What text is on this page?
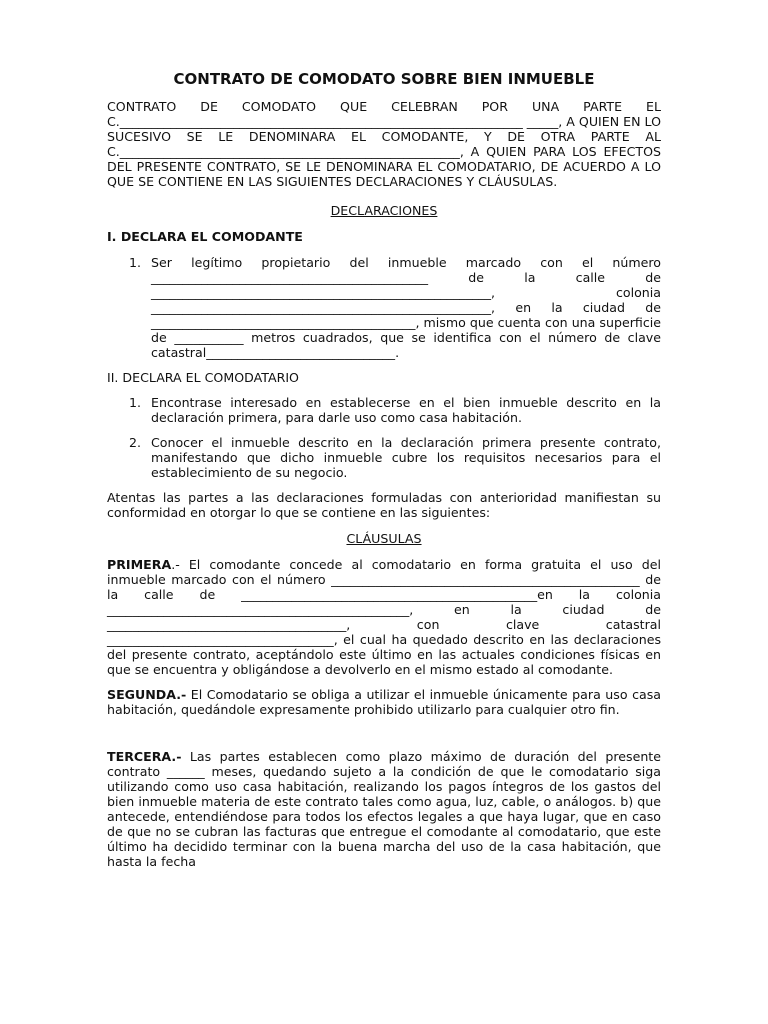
CONTRATO DE COMODATO SOBRE BIEN INMUEBLE

CONTRATO DE COMODATO QUE CELEBRAN POR UNA PARTE EL C.________________________________________________________________ _____, A QUIEN EN LO SUCESIVO SE LE DENOMINARA EL COMODANTE, Y DE OTRA PARTE AL C.______________________________________________________, A QUIEN PARA LOS EFECTOS DEL PRESENTE CONTRATO, SE LE DENOMINARA EL COMODATARIO, DE ACUERDO A LO QUE SE CONTIENE EN LAS SIGUIENTES DECLARACIONES Y CLÁUSULAS.

DECLARACIONES

I. DECLARA EL COMODANTE

1. Ser legítimo propietario del inmueble marcado con el número ____________________________________________ de la calle de ______________________________________________________, colonia ______________________________________________________, en la ciudad de __________________________________________, mismo que cuenta con una superficie de ___________ metros cuadrados, que se identifica con el número de clave catastral______________________________.

II. DECLARA EL COMODATARIO

1. Encontrase interesado en establecerse en el bien inmueble descrito en la declaración primera, para darle uso como casa habitación.
2. Conocer el inmueble descrito en la declaración primera presente contrato, manifestando que dicho inmueble cubre los requisitos necesarios para el establecimiento de su negocio.

Atentas las partes a las declaraciones formuladas con anterioridad manifiestan su conformidad en otorgar lo que se contiene en las siguientes:

CLÁUSULAS

PRIMERA.- El comodante concede al comodatario en forma gratuita el uso del inmueble marcado con el número _________________________________________________ de la calle de _______________________________________________en la colonia ________________________________________________, en la ciudad de ______________________________________, con clave catastral ____________________________________, el cual ha quedado descrito en las declaraciones del presente contrato, aceptándolo este último en las actuales condiciones físicas en que se encuentra y obligándose a devolverlo en el mismo estado al comodante.

SEGUNDA.- El Comodatario se obliga a utilizar el inmueble únicamente para uso casa habitación, quedándole expresamente prohibido utilizarlo para cualquier otro fin.

TERCERA.- Las partes establecen como plazo máximo de duración del presente contrato ______ meses, quedando sujeto a la condición de que le comodatario siga utilizando como uso casa habitación, realizando los pagos íntegros de los gastos del bien inmueble materia de este contrato tales como agua, luz, cable, o análogos. b) que antecede, entendiéndose para todos los efectos legales a que haya lugar, que en caso de que no se cubran las facturas que entregue el comodante al comodatario, que este último ha decidido terminar con la buena marcha del uso de la casa habitación, que hasta la fecha
